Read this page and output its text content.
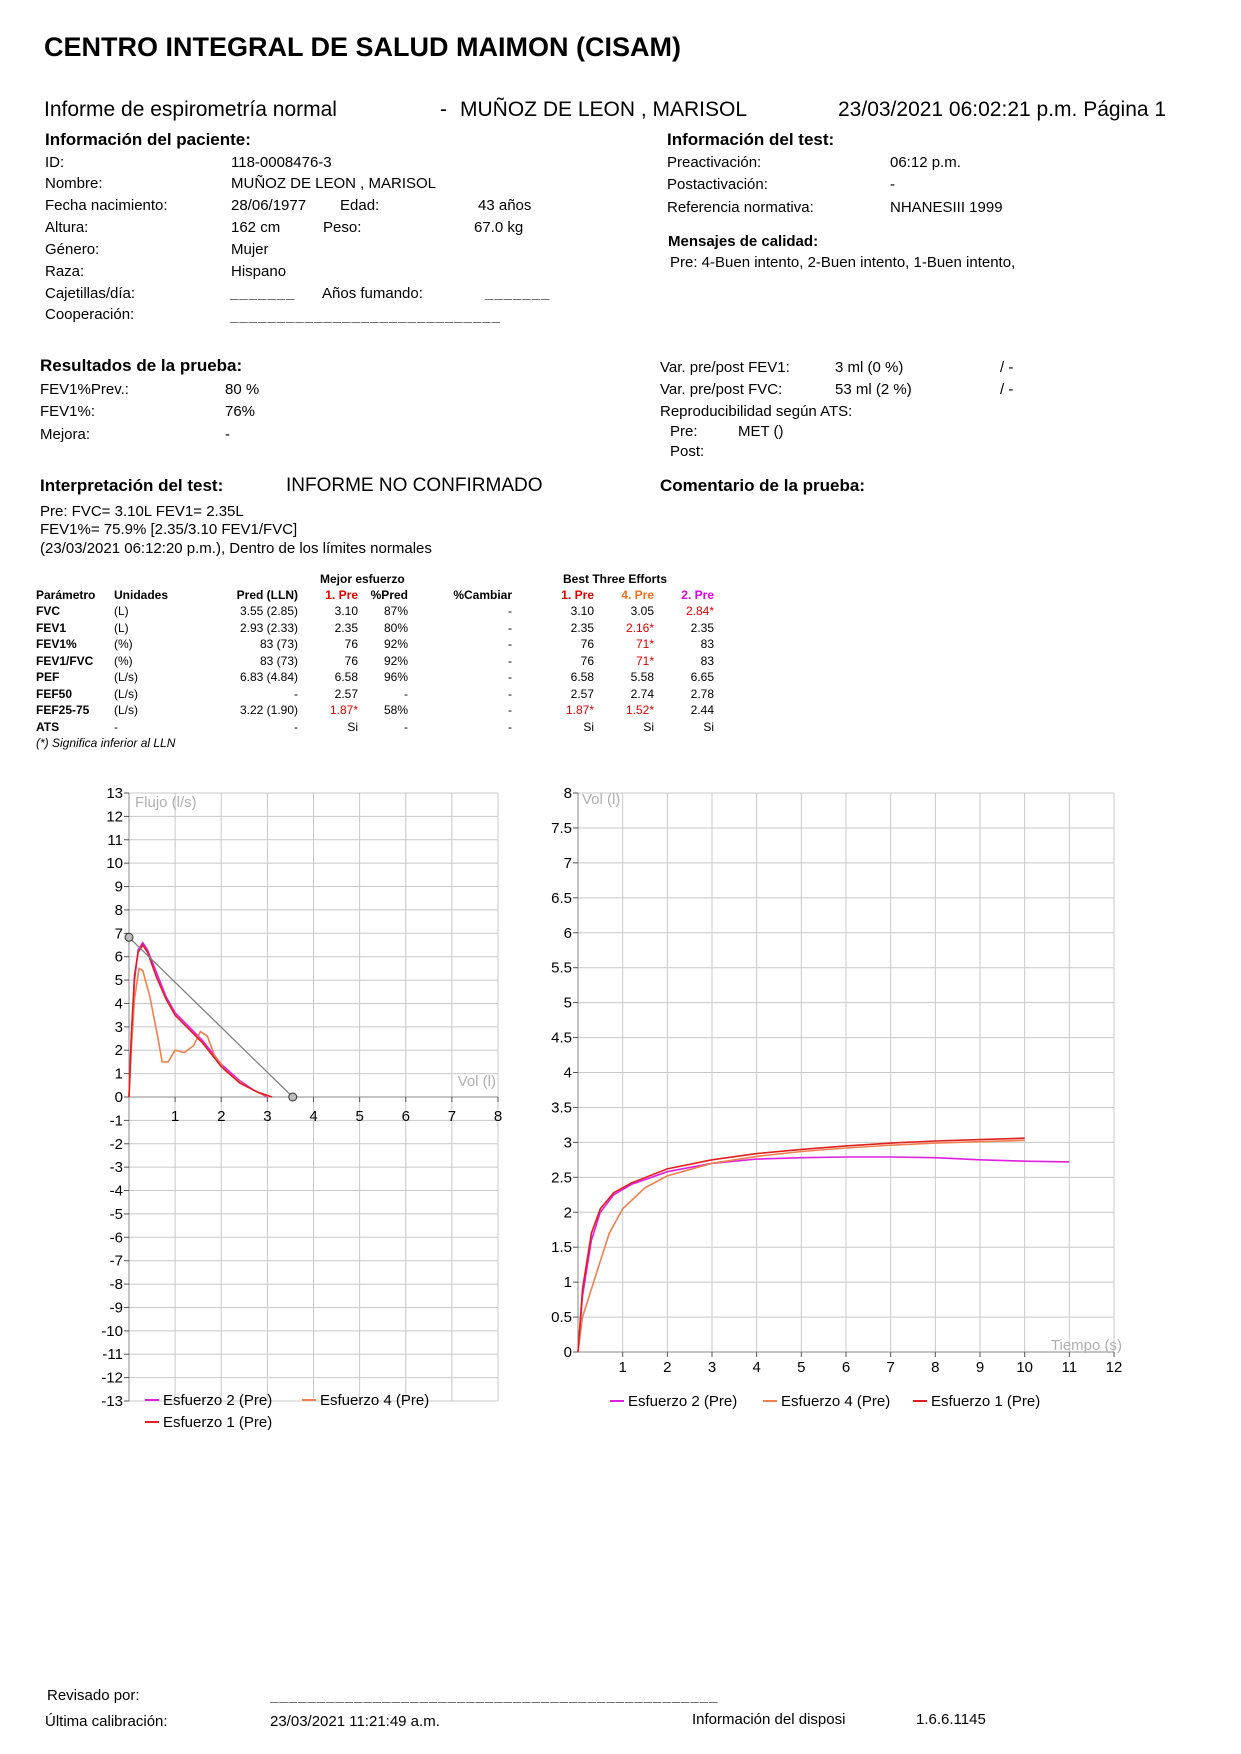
CENTRO INTEGRAL DE SALUD MAIMON (CISAM)
Informe de espirometría normal	- MUÑOZ DE LEON , MARISOL	23/03/2021 06:02:21 p.m. Página 1
Información del paciente:
ID:	118-0008476-3
Nombre:	MUÑOZ DE LEON , MARISOL
Fecha nacimiento:	28/06/1977 Edad:	43 años
Altura:	162 cm	Peso:	67.0 kg
Género:	Mujer
Raza:	Hispano
Cajetillas/día:	_______ Años fumando:	_______
Cooperación:	_____________________________
Información del test:
Preactivación:	06:12 p.m.
Postactivación:	-
Referencia normativa:	NHANESIII 1999
Mensajes de calidad:
Pre: 4-Buen intento, 2-Buen intento, 1-Buen intento,
Resultados de la prueba:
FEV1%Prev.:	80 %
FEV1%:	76%
Mejora:	-
Var. pre/post FEV1:	3 ml (0 %)	/ -
Var. pre/post FVC:	53 ml (2 %)	/ -
Reproducibilidad según ATS:
Pre:	MET ()
Post:
Interpretación del test:	INFORME NO CONFIRMADO	Comentario de la prueba:
Pre: FVC= 3.10L FEV1= 2.35L
FEV1%= 75.9% [2.35/3.10 FEV1/FVC]
(23/03/2021 06:12:20 p.m.), Dentro de los límites normales
Mejor esfuerzo	Best Three Efforts
Parámetro	Unidades	Pred (LLN)	1. Pre	%Pred	%Cambiar	1. Pre	4. Pre	2. Pre
FVC	(L)	3.55 (2.85)	3.10	87%	-	3.10	3.05	2.84*
FEV1	(L)	2.93 (2.33)	2.35	80%	-	2.35	2.16*	2.35
FEV1%	(%)	83 (73)	76	92%	-	76	71*	83
FEV1/FVC	(%)	83 (73)	76	92%	-	76	71*	83
PEF	(L/s)	6.83 (4.84)	6.58	96%	-	6.58	5.58	6.65
FEF50	(L/s)	-	2.57	-	-	2.57	2.74	2.78
FEF25-75	(L/s)	3.22 (1.90)	1.87*	58%	-	1.87*	1.52*	2.44
ATS	-	-	Si	-	-	Si	Si	Si
(*) Significa inferior al LLN
13
12
11
10
9
8
7
6
5
4
3
2
1
0
-1
-2
-3
-4
-5
-6
-7
-8
-9
-10
-11
-12
-13
1	2	3	4	5	6	7	8
Flujo (l/s)
Vol (l)
Esfuerzo 2 (Pre)	Esfuerzo 4 (Pre)
Esfuerzo 1 (Pre)
8
7.5
7
6.5
6
5.5
5
4.5
4
3.5
3
2.5
2
1.5
1
0.5
0
1 2 3 4 5 6 7 8 9 10 11 12
Vol (l)
Tiempo (s)
Esfuerzo 2 (Pre)	Esfuerzo 4 (Pre)	Esfuerzo 1 (Pre)
Revisado por:	________________________________________________
Última calibración:	23/03/2021 11:21:49 a.m.	Información del disposi	1.6.6.1145
